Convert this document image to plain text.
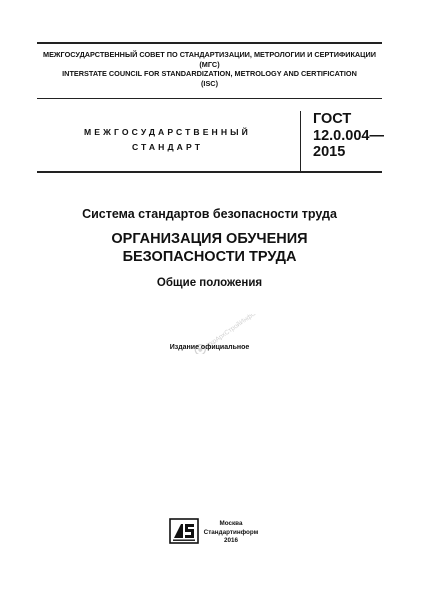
МЕЖГОСУДАРСТВЕННЫЙ СОВЕТ ПО СТАНДАРТИЗАЦИИ, МЕТРОЛОГИИ И СЕРТИФИКАЦИИ
(МГС)
INTERSTATE COUNCIL FOR STANDARDIZATION, METROLOGY AND CERTIFICATION
(ISC)
МЕЖГОСУДАРСТВЕННЫЙ
СТАНДАРТ
ГОСТ
12.0.004—
2015
Система стандартов безопасности труда
ОРГАНИЗАЦИЯ ОБУЧЕНИЯ
БЕЗОПАСНОСТИ ТРУДА
Общие положения
УкрАрхСтройИнформ
Издание официальное
Москва
Стандартинформ
2016
